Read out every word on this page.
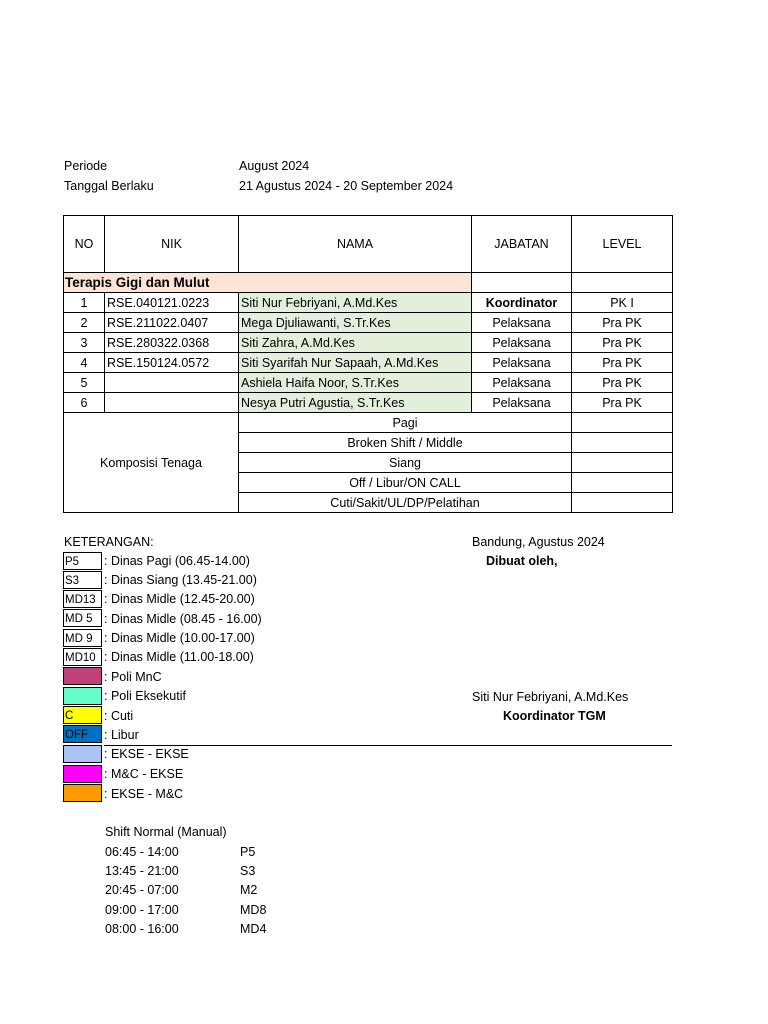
Periode	August 2024
Tanggal Berlaku	21 Agustus 2024 - 20 September 2024
NO	NIK	NAMA	JABATAN	LEVEL
Terapis Gigi dan Mulut				
1	RSE.040121.0223	Siti Nur Febriyani, A.Md.Kes	Koordinator	PK I
2	RSE.211022.0407	Mega Djuliawanti, S.Tr.Kes	Pelaksana	Pra PK
3	RSE.280322.0368	Siti Zahra, A.Md.Kes	Pelaksana	Pra PK
4	RSE.150124.0572	Siti Syarifah Nur Sapaah, A.Md.Kes	Pelaksana	Pra PK
5		Ashiela Haifa Noor, S.Tr.Kes	Pelaksana	Pra PK
6		Nesya Putri Agustia, S.Tr.Kes	Pelaksana	Pra PK
Komposisi Tenaga		Pagi		
		Broken Shift / Middle		
		Siang		
		Off / Libur/ON CALL		
		Cuti/Sakit/UL/DP/Pelatihan		
KETERANGAN:
P5	: Dinas Pagi (06.45-14.00)
S3	: Dinas Siang (13.45-21.00)
MD13 : Dinas Midle (12.45-20.00)
MD 5 : Dinas Midle (08.45 - 16.00)
MD 9 : Dinas Midle (10.00-17.00)
MD10 : Dinas Midle (11.00-18.00)
: Poli MnC
: Poli Eksekutif
C	: Cuti
OFF	: Libur
: EKSE - EKSE
: M&C - EKSE
: EKSE - M&C
Bandung, Agustus 2024
Dibuat oleh,
Siti Nur Febriyani, A.Md.Kes
Koordinator TGM
Shift Normal (Manual)
06:45 - 14:00	P5
13:45 - 21:00	S3
20:45 - 07:00	M2
09:00 - 17:00	MD8
08:00 - 16:00	MD4
